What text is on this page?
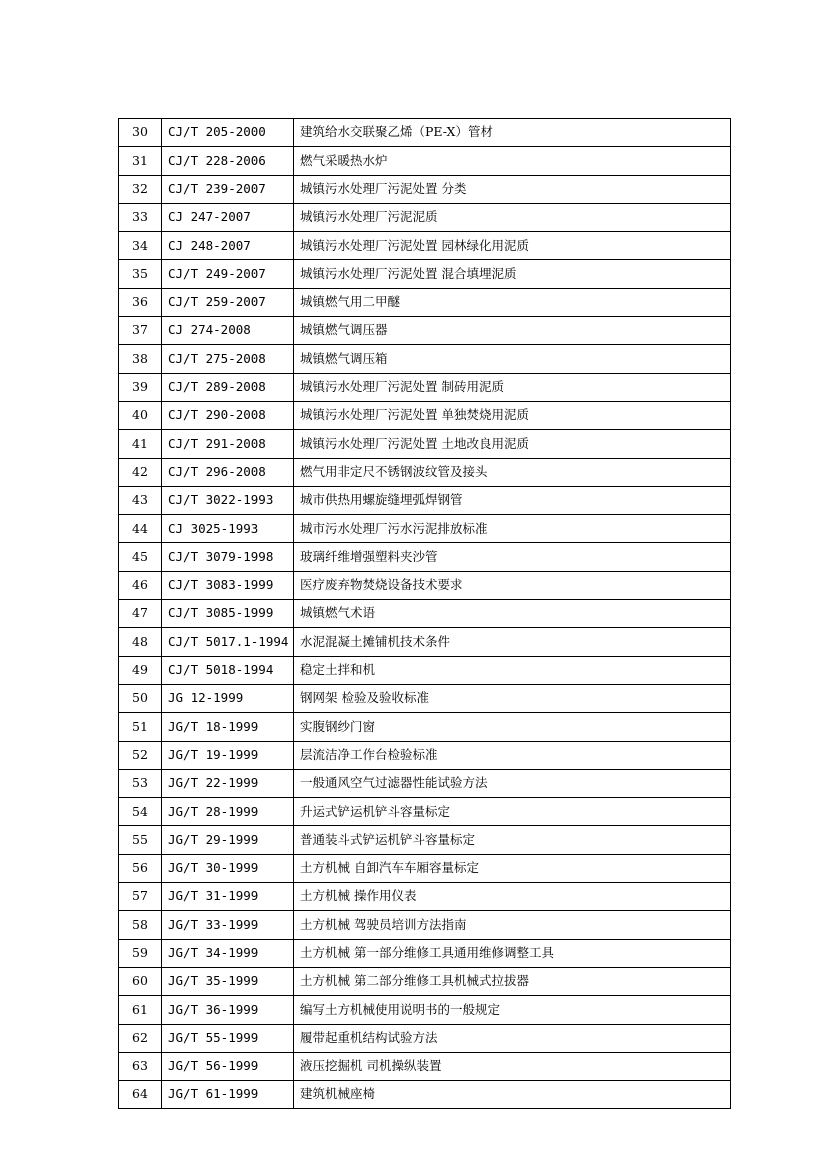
30	CJ/T 205-2000	建筑给水交联聚乙烯（PE-X）管材
31	CJ/T 228-2006	燃气采暖热水炉
32	CJ/T 239-2007	城镇污水处理厂污泥处置 分类
33	CJ 247-2007	城镇污水处理厂污泥泥质
34	CJ 248-2007	城镇污水处理厂污泥处置 园林绿化用泥质
35	CJ/T 249-2007	城镇污水处理厂污泥处置 混合填埋泥质
36	CJ/T 259-2007	城镇燃气用二甲醚
37	CJ 274-2008	城镇燃气调压器
38	CJ/T 275-2008	城镇燃气调压箱
39	CJ/T 289-2008	城镇污水处理厂污泥处置 制砖用泥质
40	CJ/T 290-2008	城镇污水处理厂污泥处置 单独焚烧用泥质
41	CJ/T 291-2008	城镇污水处理厂污泥处置 土地改良用泥质
42	CJ/T 296-2008	燃气用非定尺不锈钢波纹管及接头
43	CJ/T 3022-1993	城市供热用螺旋缝埋弧焊钢管
44	CJ 3025-1993	城市污水处理厂污水污泥排放标准
45	CJ/T 3079-1998	玻璃纤维增强塑料夹沙管
46	CJ/T 3083-1999	医疗废弃物焚烧设备技术要求
47	CJ/T 3085-1999	城镇燃气术语
48	CJ/T 5017.1-1994	水泥混凝土摊铺机技术条件
49	CJ/T 5018-1994	稳定土拌和机
50	JG 12-1999	钢网架 检验及验收标准
51	JG/T 18-1999	实腹钢纱门窗
52	JG/T 19-1999	层流洁净工作台检验标准
53	JG/T 22-1999	一般通风空气过滤器性能试验方法
54	JG/T 28-1999	升运式铲运机铲斗容量标定
55	JG/T 29-1999	普通装斗式铲运机铲斗容量标定
56	JG/T 30-1999	土方机械 自卸汽车车厢容量标定
57	JG/T 31-1999	土方机械 操作用仪表
58	JG/T 33-1999	土方机械 驾驶员培训方法指南
59	JG/T 34-1999	土方机械 第一部分维修工具通用维修调整工具
60	JG/T 35-1999	土方机械 第二部分维修工具机械式拉拔器
61	JG/T 36-1999	编写土方机械使用说明书的一般规定
62	JG/T 55-1999	履带起重机结构试验方法
63	JG/T 56-1999	液压挖掘机 司机操纵装置
64	JG/T 61-1999	建筑机械座椅
